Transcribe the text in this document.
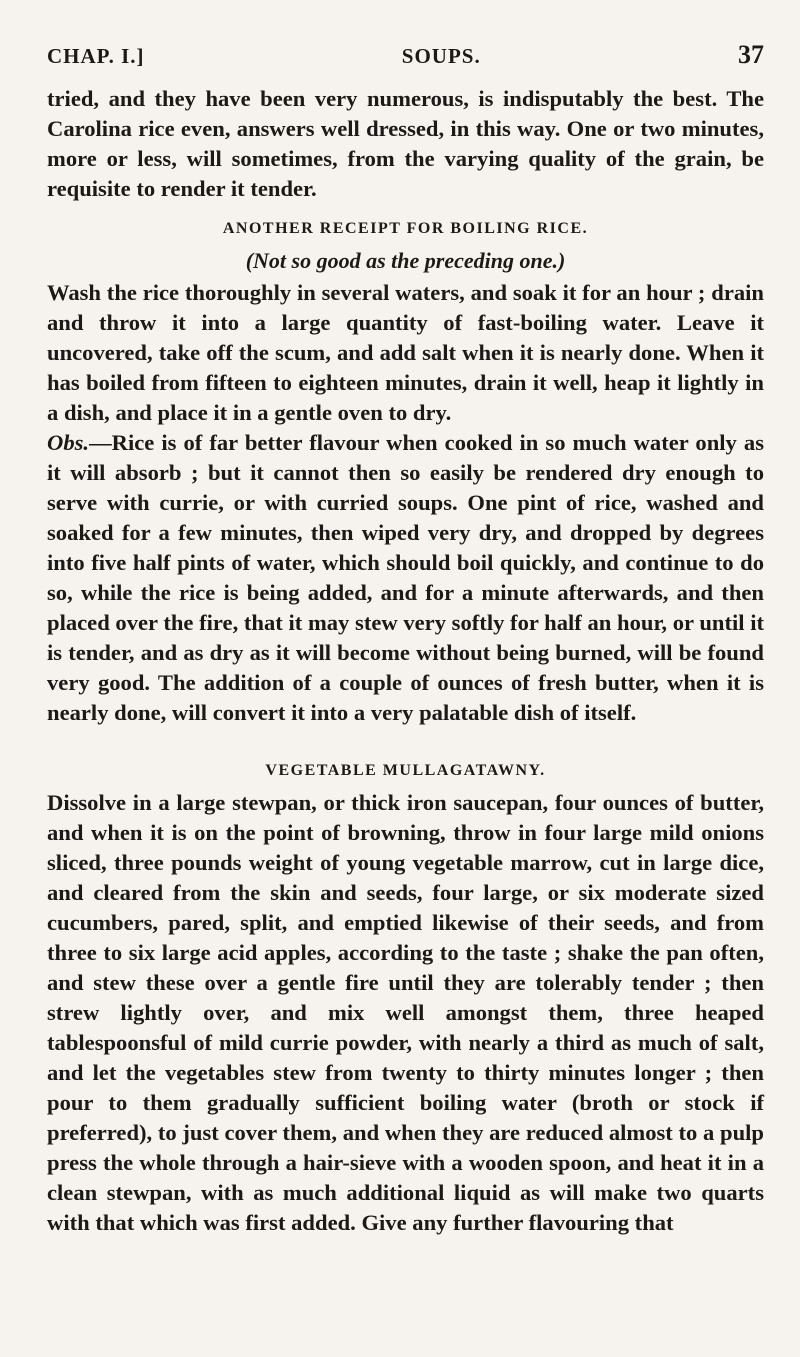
CHAP. I.]	SOUPS.	37

tried, and they have been very numerous, is indisputably the best. The Carolina rice even, answers well dressed, in this way. One or two minutes, more or less, will sometimes, from the varying quality of the grain, be requisite to render it tender.

ANOTHER RECEIPT FOR BOILING RICE.
(Not so good as the preceding one.)

Wash the rice thoroughly in several waters, and soak it for an hour ; drain and throw it into a large quantity of fast-boiling water. Leave it uncovered, take off the scum, and add salt when it is nearly done. When it has boiled from fifteen to eighteen minutes, drain it well, heap it lightly in a dish, and place it in a gentle oven to dry.

Obs.—Rice is of far better flavour when cooked in so much water only as it will absorb ; but it cannot then so easily be rendered dry enough to serve with currie, or with curried soups. One pint of rice, washed and soaked for a few minutes, then wiped very dry, and dropped by degrees into five half pints of water, which should boil quickly, and continue to do so, while the rice is being added, and for a minute afterwards, and then placed over the fire, that it may stew very softly for half an hour, or until it is tender, and as dry as it will become without being burned, will be found very good. The addition of a couple of ounces of fresh butter, when it is nearly done, will convert it into a very palatable dish of itself.

VEGETABLE MULLAGATAWNY.

Dissolve in a large stewpan, or thick iron saucepan, four ounces of butter, and when it is on the point of browning, throw in four large mild onions sliced, three pounds weight of young vegetable marrow, cut in large dice, and cleared from the skin and seeds, four large, or six moderate sized cucumbers, pared, split, and emptied likewise of their seeds, and from three to six large acid apples, according to the taste ; shake the pan often, and stew these over a gentle fire until they are tolerably tender ; then strew lightly over, and mix well amongst them, three heaped tablespoonsful of mild currie powder, with nearly a third as much of salt, and let the vegetables stew from twenty to thirty minutes longer ; then pour to them gradually sufficient boiling water (broth or stock if preferred), to just cover them, and when they are reduced almost to a pulp press the whole through a hair-sieve with a wooden spoon, and heat it in a clean stewpan, with as much additional liquid as will make two quarts with that which was first added. Give any further flavouring that
